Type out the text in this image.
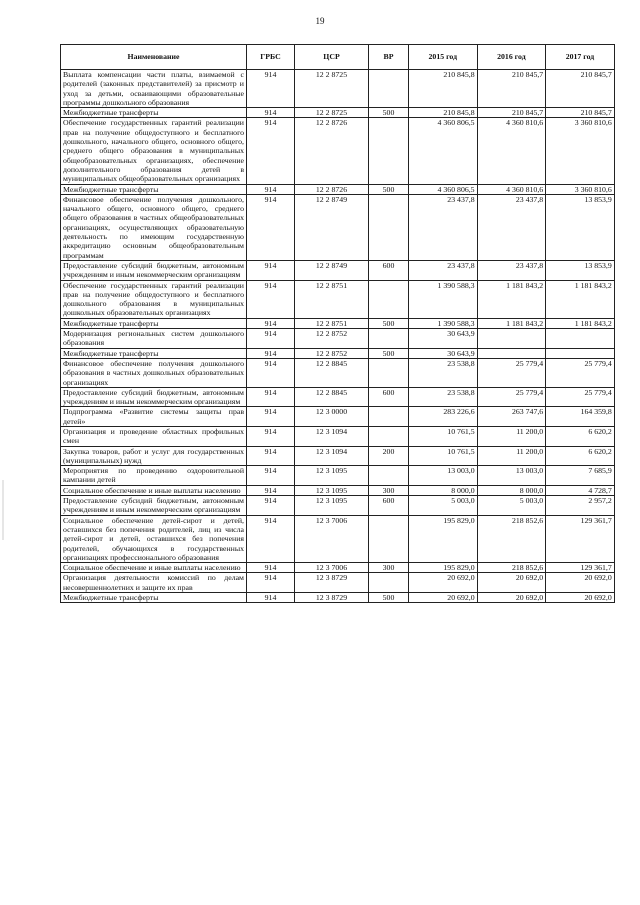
19
Наименование	ГРБС	ЦСР	ВР	2015 год	2016 год	2017 год
Выплата компенсации части платы, взимаемой с родителей (законных представителей) за присмотр и уход за детьми, осваивающими образовательные программы дошкольного образования	914	12 2 8725		210 845,8	210 845,7	210 845,7
Межбюджетные трансферты	914	12 2 8725	500	210 845,8	210 845,7	210 845,7
Обеспечение государственных гарантий реализации прав на получение общедоступного и бесплатного дошкольного, начального общего, основного общего, среднего общего образования в муниципальных общеобразовательных организациях, обеспечение дополнительного образования детей в муниципальных общеобразовательных организациях	914	12 2 8726		4 360 806,5	4 360 810,6	3 360 810,6
Межбюджетные трансферты	914	12 2 8726	500	4 360 806,5	4 360 810,6	3 360 810,6
Финансовое обеспечение получения дошкольного, начального общего, основного общего, среднего общего образования в частных общеобразовательных организациях, осуществляющих образовательную деятельность по имеющим государственную аккредитацию основным общеобразовательным программам	914	12 2 8749		23 437,8	23 437,8	13 853,9
Предоставление субсидий бюджетным, автономным учреждениям и иным некоммерческим организациям	914	12 2 8749	600	23 437,8	23 437,8	13 853,9
Обеспечение государственных гарантий реализации прав на получение общедоступного и бесплатного дошкольного образования в муниципальных дошкольных образовательных организациях	914	12 2 8751		1 390 588,3	1 181 843,2	1 181 843,2
Межбюджетные трансферты	914	12 2 8751	500	1 390 588,3	1 181 843,2	1 181 843,2
Модернизация региональных систем дошкольного образования	914	12 2 8752		30 643,9		
Межбюджетные трансферты	914	12 2 8752	500	30 643,9		
Финансовое обеспечение получения дошкольного образования в частных дошкольных образовательных организациях	914	12 2 8845		23 538,8	25 779,4	25 779,4
Предоставление субсидий бюджетным, автономным учреждениям и иным некоммерческим организациям	914	12 2 8845	600	23 538,8	25 779,4	25 779,4
Подпрограмма «Развитие системы защиты прав детей»	914	12 3 0000		283 226,6	263 747,6	164 359,8
Организация и проведение областных профильных смен	914	12 3 1094		10 761,5	11 200,0	6 620,2
Закупка товаров, работ и услуг для государственных (муниципальных) нужд	914	12 3 1094	200	10 761,5	11 200,0	6 620,2
Мероприятия по проведению оздоровительной кампании детей	914	12 3 1095		13 003,0	13 003,0	7 685,9
Социальное обеспечение и иные выплаты населению	914	12 3 1095	300	8 000,0	8 000,0	4 728,7
Предоставление субсидий бюджетным, автономным учреждениям и иным некоммерческим организациям	914	12 3 1095	600	5 003,0	5 003,0	2 957,2
Социальное обеспечение детей-сирот и детей, оставшихся без попечения родителей, лиц из числа детей-сирот и детей, оставшихся без попечения родителей, обучающихся в государственных организациях профессионального образования	914	12 3 7006		195 829,0	218 852,6	129 361,7
Социальное обеспечение и иные выплаты населению	914	12 3 7006	300	195 829,0	218 852,6	129 361,7
Организация деятельности комиссий по делам несовершеннолетних и защите их прав	914	12 3 8729		20 692,0	20 692,0	20 692,0
Межбюджетные трансферты	914	12 3 8729	500	20 692,0	20 692,0	20 692,0
